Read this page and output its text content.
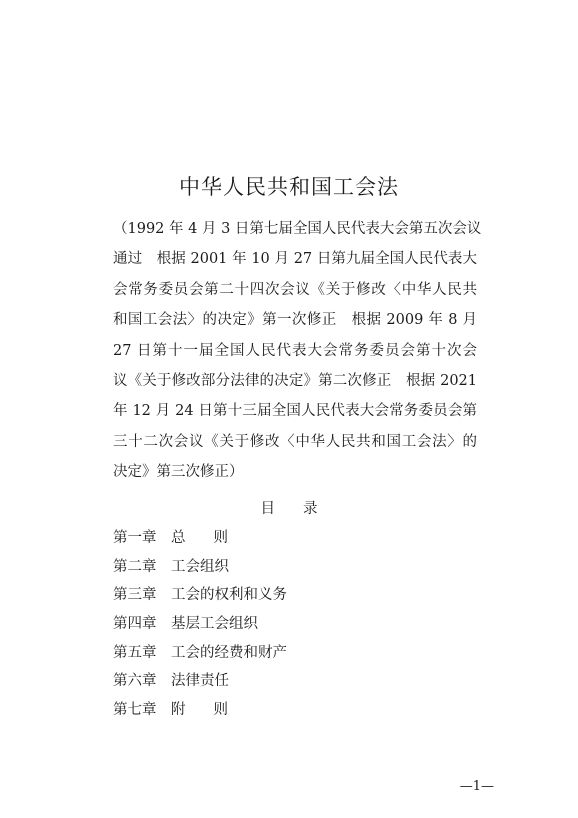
中华人民共和国工会法
（1992 年 4 月 3 日第七届全国人民代表大会第五次会议
通过　根据 2001 年 10 月 27 日第九届全国人民代表大
会常务委员会第二十四次会议《关于修改〈中华人民共
和国工会法〉的决定》第一次修正　根据 2009 年 8 月
27 日第十一届全国人民代表大会常务委员会第十次会
议《关于修改部分法律的决定》第二次修正　根据 2021
年 12 月 24 日第十三届全国人民代表大会常务委员会第
三十二次会议《关于修改〈中华人民共和国工会法〉的
决定》第三次修正）
目 录
第一章 总 则
第二章 工会组织
第三章 工会的权利和义务
第四章 基层工会组织
第五章 工会的经费和财产
第六章 法律责任
第七章 附 则
—1—
